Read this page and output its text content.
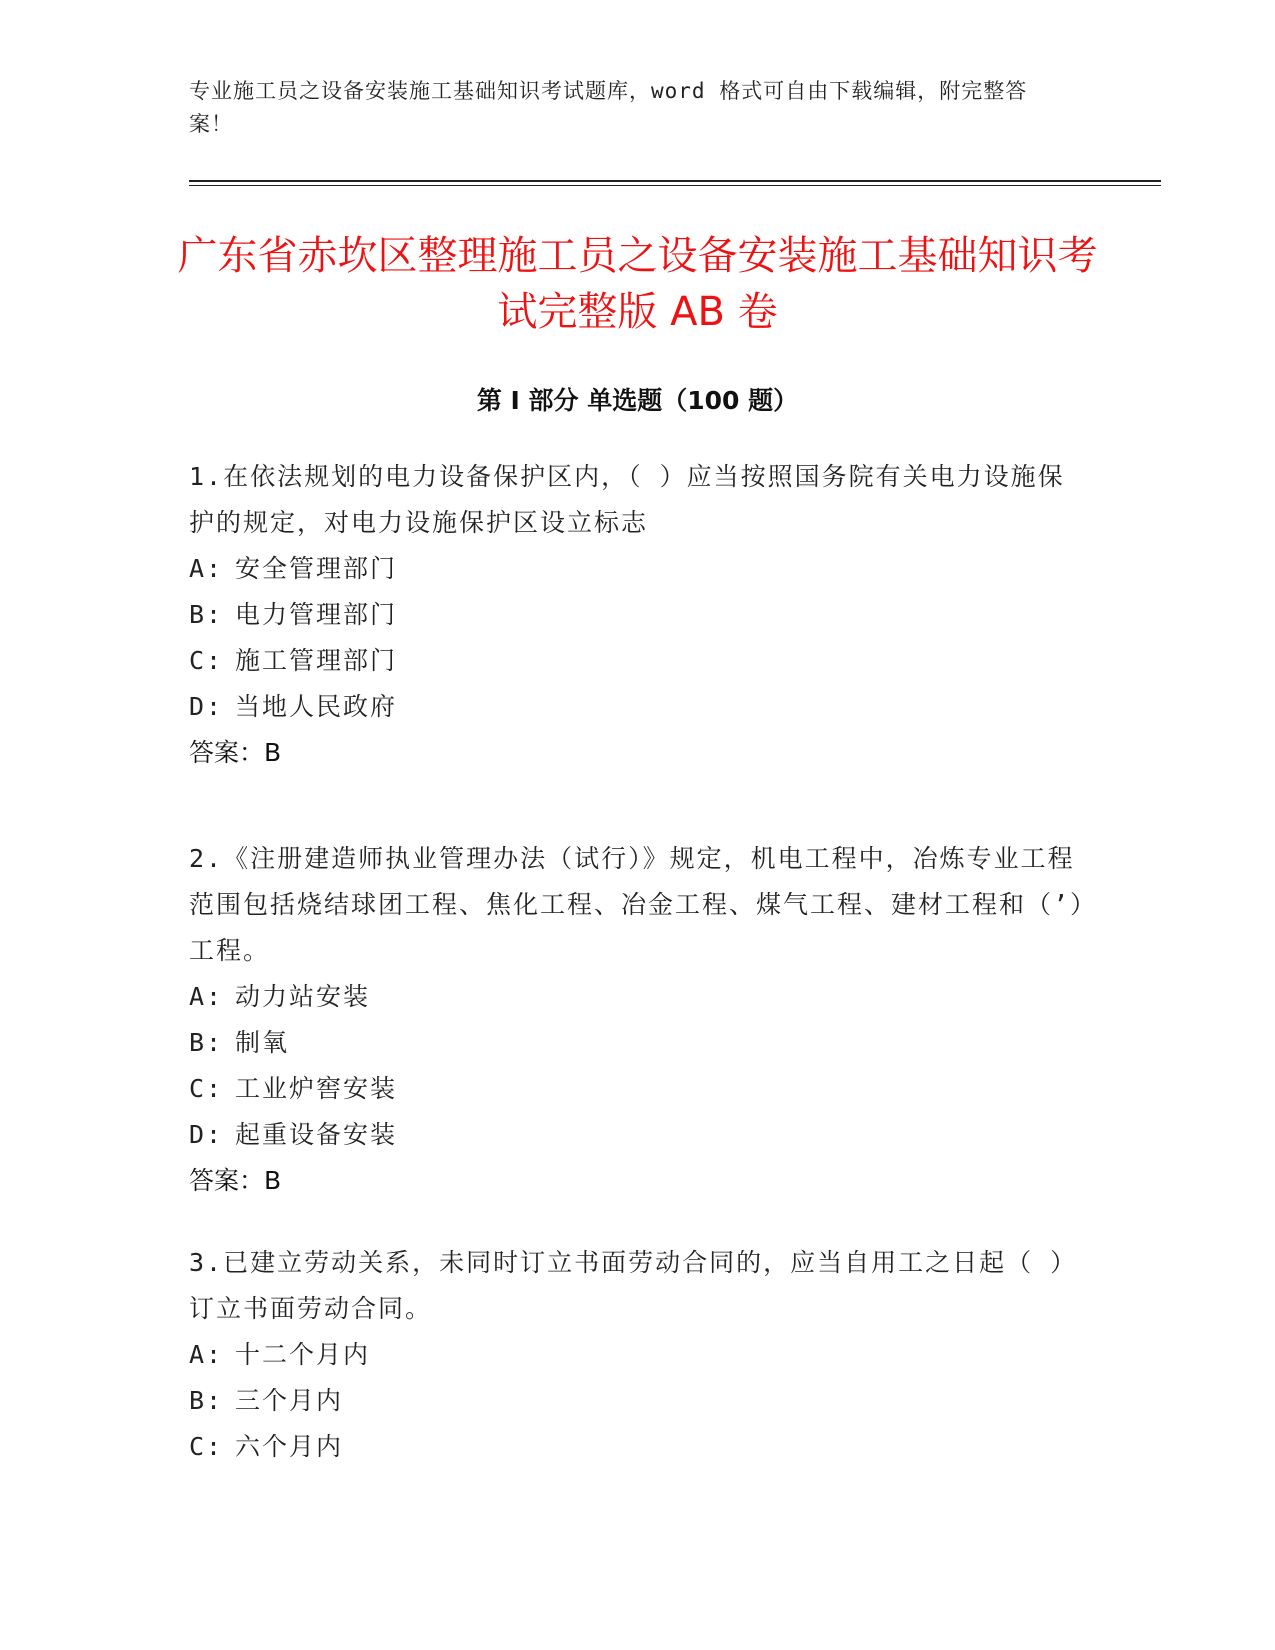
专业施工员之设备安装施工基础知识考试题库，word 格式可自由下载编辑，附完整答案！
广东省赤坎区整理施工员之设备安装施工基础知识考试完整版 AB 卷
第 I 部分 单选题（100 题）

1.在依法规划的电力设备保护区内，（ ）应当按照国务院有关电力设施保护的规定，对电力设施保护区设立标志

A: 安全管理部门

B: 电力管理部门

C: 施工管理部门

D: 当地人民政府

答案：B

2.《注册建造师执业管理办法（试行）》规定，机电工程中，冶炼专业工程范围包括烧结球团工程、焦化工程、冶金工程、煤气工程、建材工程和（’）工程。

A: 动力站安装

B: 制氧

C: 工业炉窖安装

D: 起重设备安装

答案：B

3.已建立劳动关系，未同时订立书面劳动合同的，应当自用工之日起（ ）订立书面劳动合同。

A: 十二个月内

B: 三个月内

C: 六个月内
